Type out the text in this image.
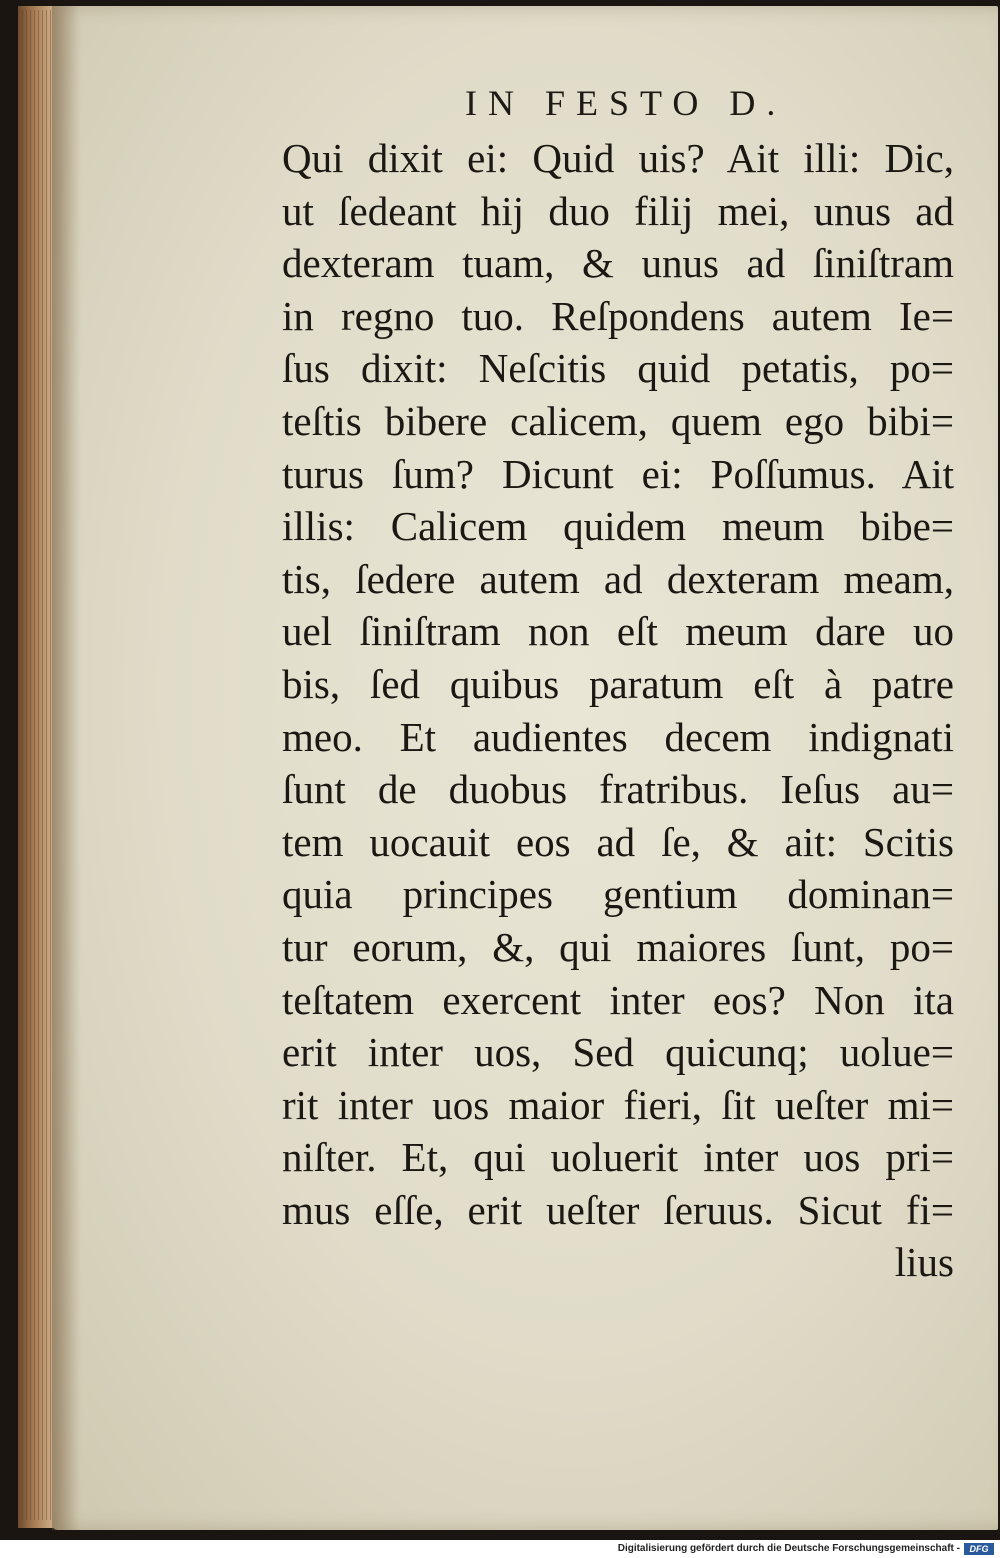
IN FESTO D.
Qui dixit ei: Quid uis? Ait illi: Dic,
ut ſedeant hij duo filij mei, unus ad
dexteram tuam, & unus ad ſiniſtram
in regno tuo. Reſpondens autem Ie=
ſus dixit: Neſcitis quid petatis, po=
teſtis bibere calicem, quem ego bibi=
turus ſum? Dicunt ei: Poſſumus. Ait
illis: Calicem quidem meum bibe=
tis, ſedere autem ad dexteram meam,
uel ſiniſtram non eſt meum dare uo
bis, ſed quibus paratum eſt à patre
meo. Et audientes decem indignati
ſunt de duobus fratribus. Ieſus au=
tem uocauit eos ad ſe, & ait: Scitis
quia principes gentium dominan=
tur eorum, &, qui maiores ſunt, po=
teſtatem exercent inter eos? Non ita
erit inter uos, Sed quicunq; uolue=
rit inter uos maior fieri, ſit ueſter mi=
niſter. Et, qui uoluerit inter uos pri=
mus eſſe, erit ueſter ſeruus. Sicut fi=
lius
Digitalisierung gefördert durch die Deutsche Forschungsgemeinschaft -	DFG
